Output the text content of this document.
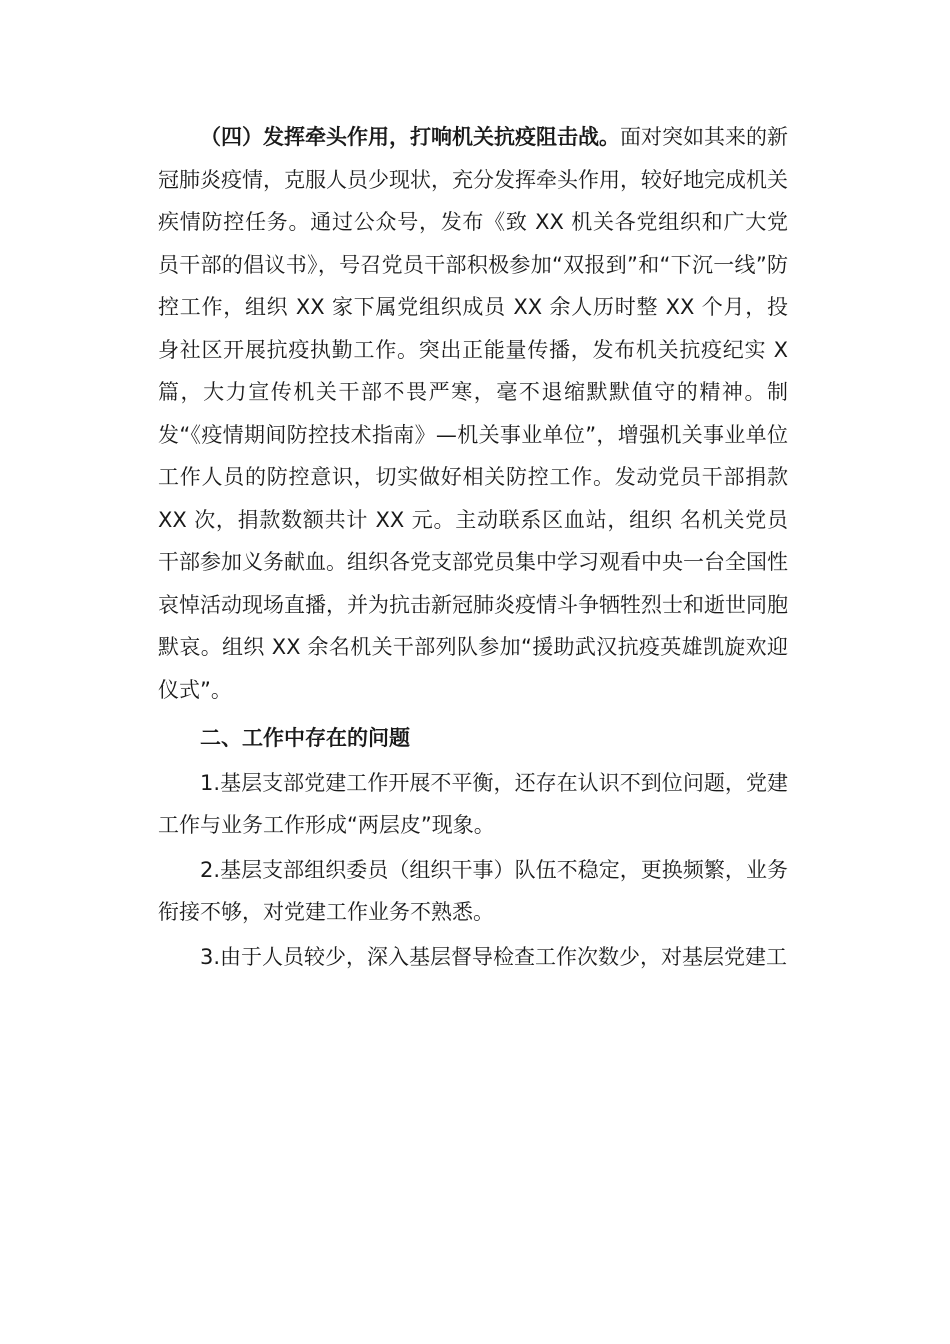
（四）发挥牵头作用，打响机关抗疫阻击战。面对突如其来的新冠肺炎疫情，克服人员少现状，充分发挥牵头作用，较好地完成机关疾情防控任务。通过公众号，发布《致 XX 机关各党组织和广大党员干部的倡议书》，号召党员干部积极参加“双报到”和“下沉一线”防控工作，组织 XX 家下属党组织成员 XX 余人历时整 XX 个月，投身社区开展抗疫执勤工作。突出正能量传播，发布机关抗疫纪实 X 篇，大力宣传机关干部不畏严寒，毫不退缩默默值守的精神。制发“《疫情期间防控技术指南》—机关事业单位”，增强机关事业单位工作人员的防控意识，切实做好相关防控工作。发动党员干部捐款 XX 次，捐款数额共计 XX 元。主动联系区血站，组织 名机关党员干部参加义务献血。组织各党支部党员集中学习观看中央一台全国性哀悼活动现场直播，并为抗击新冠肺炎疫情斗争牺牲烈士和逝世同胞默哀。组织 XX 余名机关干部列队参加“援助武汉抗疫英雄凯旋欢迎仪式”。

二、工作中存在的问题

1.基层支部党建工作开展不平衡，还存在认识不到位问题，党建工作与业务工作形成“两层皮”现象。

2.基层支部组织委员（组织干事）队伍不稳定，更换频繁，业务衔接不够，对党建工作业务不熟悉。

3.由于人员较少，深入基层督导检查工作次数少，对基层党建工
